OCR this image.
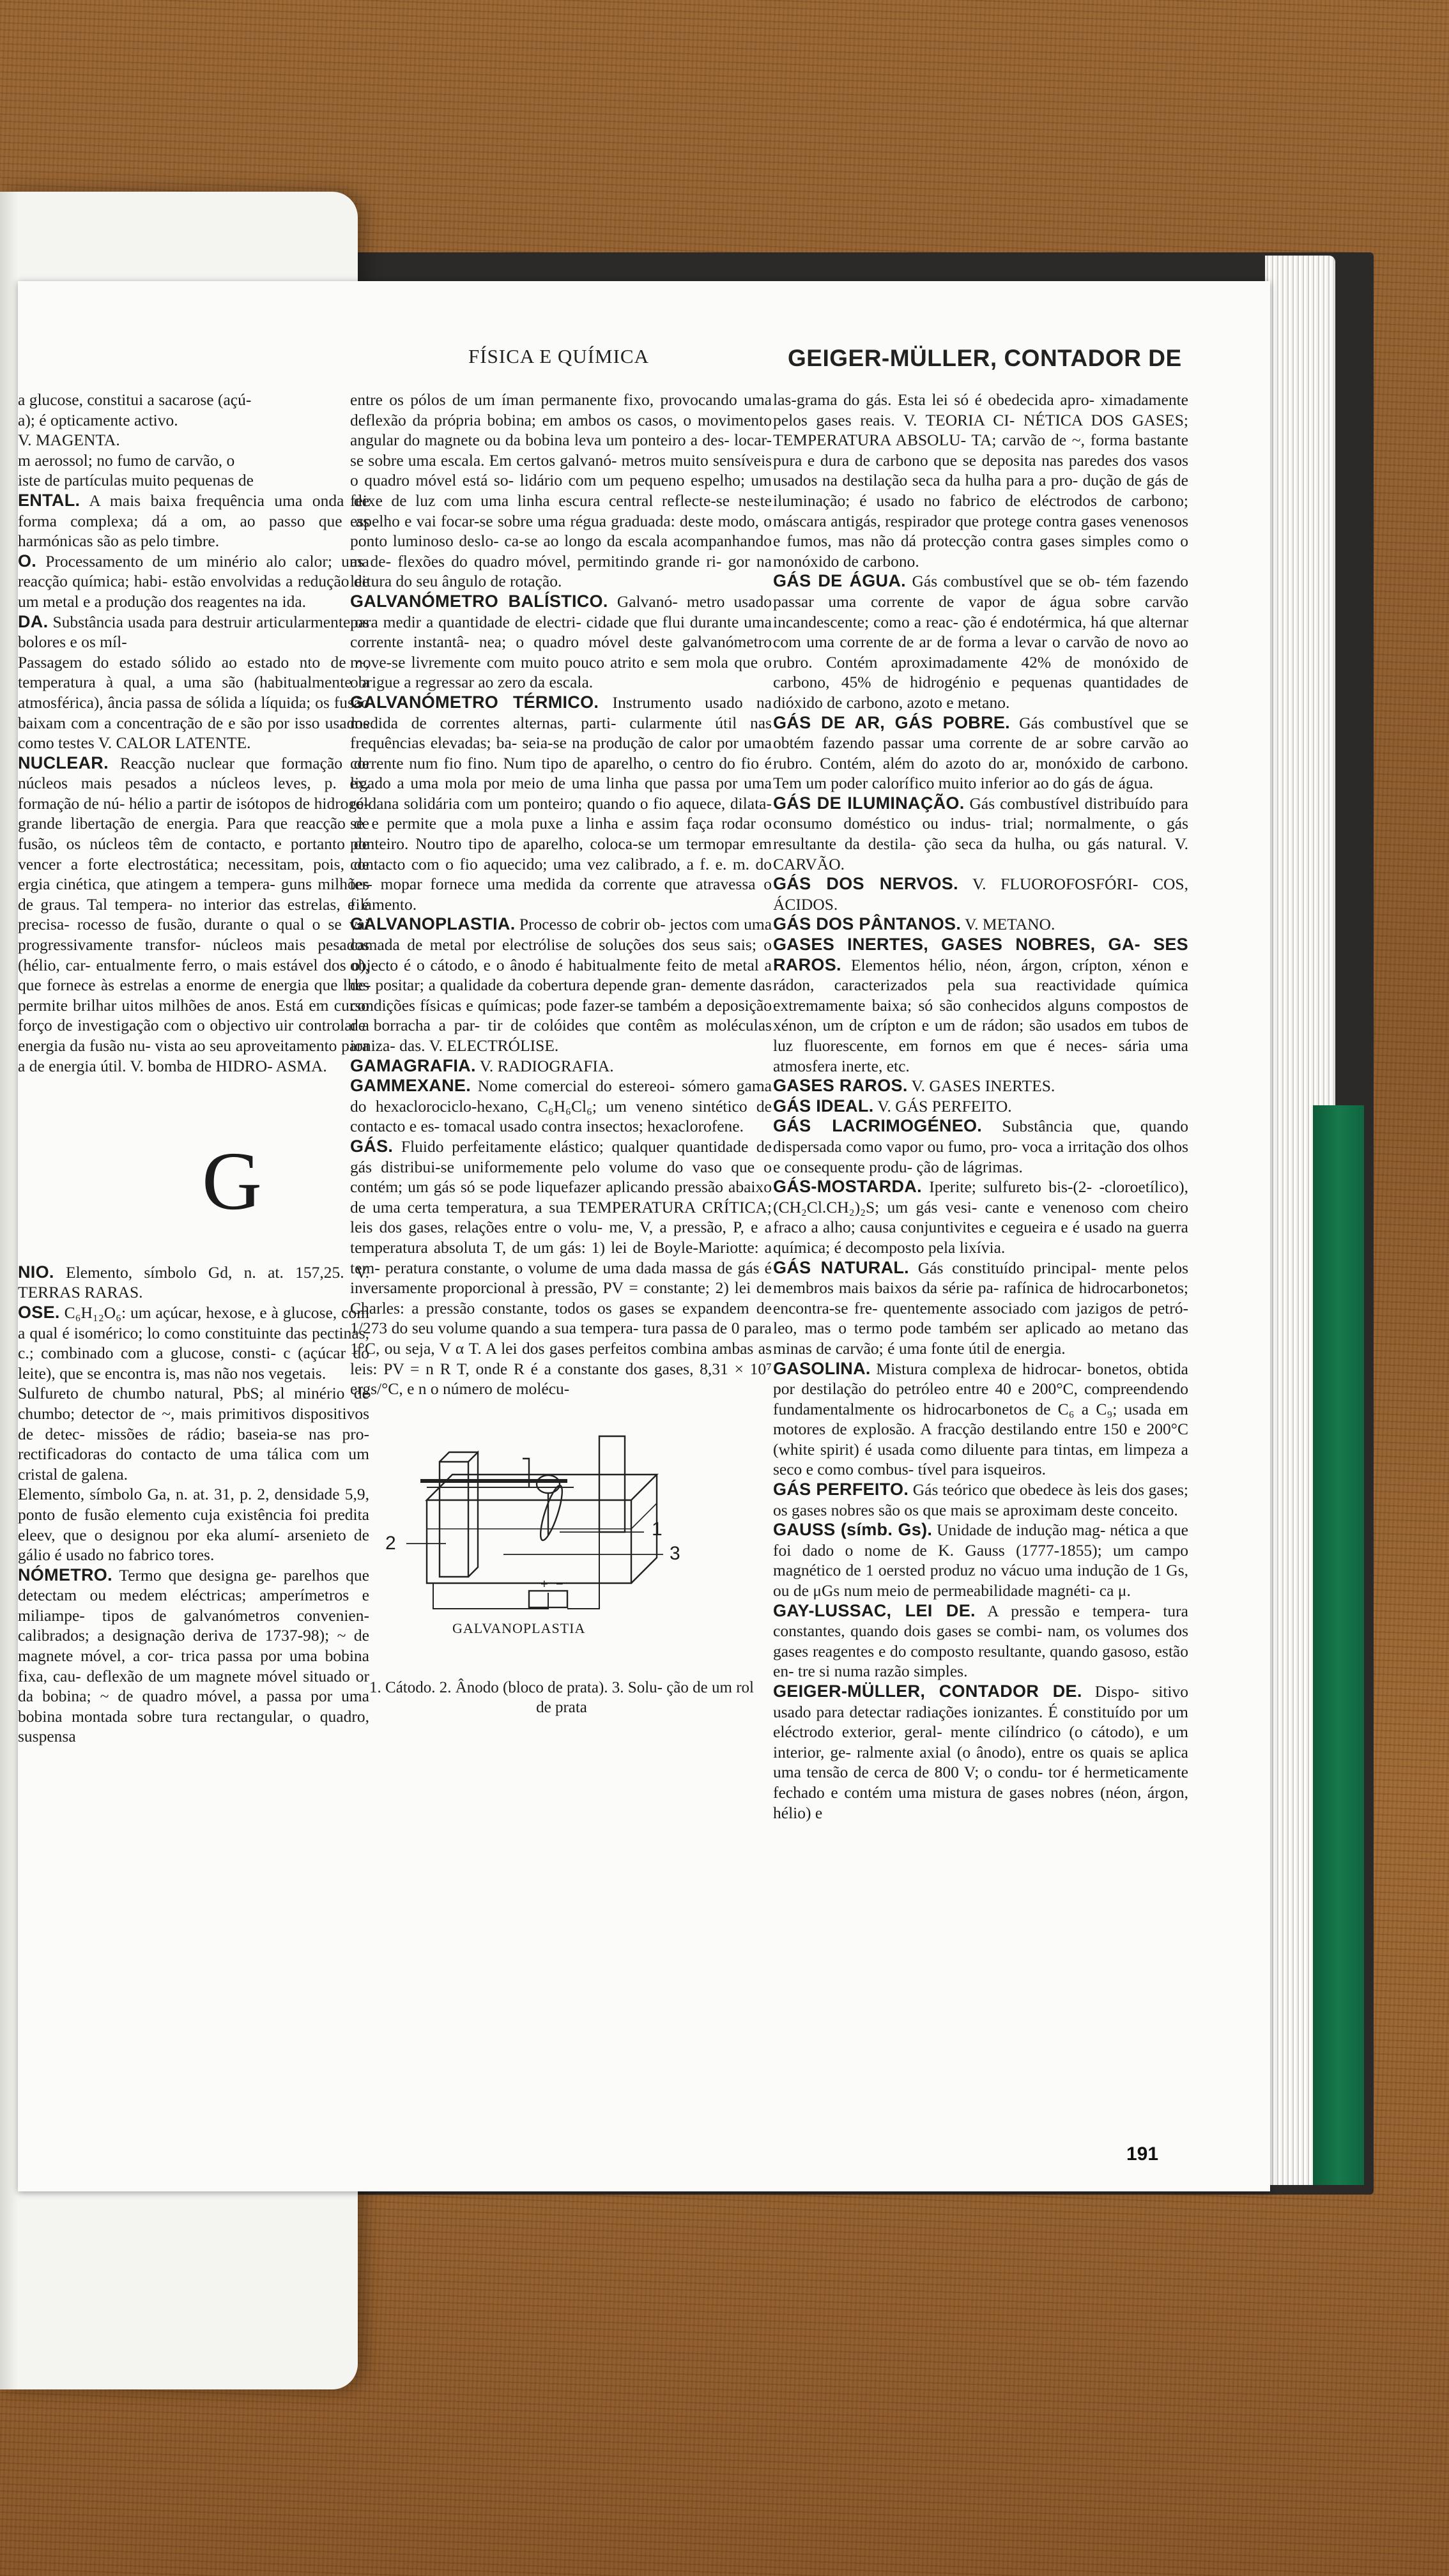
FÍSICA E QUÍMICA	GEIGER-MÜLLER, CONTADOR DE
a glucose, constitui a sacarose (açú-
a); é opticamente activo.
V. MAGENTA.
m aerossol; no fumo de carvão, o
iste de partículas muito pequenas de
ENTAL. A mais baixa frequência uma onda de forma complexa; dá a om, ao passo que as harmónicas são as pelo timbre.
O. Processamento de um minério alo calor; uma reacção química; habi- estão envolvidas a redução de um metal e a produção dos reagentes na ida.
DA. Substância usada para destruir articularmente os bolores e os míl-
Passagem do estado sólido ao estado nto de ~, temperatura à qual, a uma são (habitualmente a atmosférica), ância passa de sólida a líquida; os fusão baixam com a concentração de e são por isso usados como testes V. CALOR LATENTE.
NUCLEAR. Reacção nuclear que formação de núcleos mais pesados a núcleos leves, p. ex. formação de nú- hélio a partir de isótopos de hidrogé- grande libertação de energia. Para que reacção de fusão, os núcleos têm de contacto, e portanto de vencer a forte electrostática; necessitam, pois, de ergia cinética, que atingem a tempera- guns milhões de graus. Tal tempera- no interior das estrelas, e é precisa- rocesso de fusão, durante o qual o se vai progressivamente transfor- núcleos mais pesados (hélio, car- entualmente ferro, o mais estável dos o), que fornece às estrelas a enorme de energia que lhes permite brilhar uitos milhões de anos. Está em curso forço de investigação com o objectivo uir controlar a energia da fusão nu- vista ao seu aproveitamento para a de energia útil. V. bomba de HIDRO- ASMA.
G
NIO. Elemento, símbolo Gd, n. at. 157,25. V. TERRAS RARAS.
OSE. C₆H₁₂O₆: um açúcar, hexose, e à glucose, com a qual é isomérico; lo como constituinte das pectinas, c.; combinado com a glucose, consti- c (açúcar do leite), que se encontra is, mas não nos vegetais.
Sulfureto de chumbo natural, PbS; al minério de chumbo; detector de ~, mais primitivos dispositivos de detec- missões de rádio; baseia-se nas pro- rectificadoras do contacto de uma tálica com um cristal de galena.
Elemento, símbolo Ga, n. at. 31, p. 2, densidade 5,9, ponto de fusão elemento cuja existência foi predita eleev, que o designou por eka alumí- arsenieto de gálio é usado no fabrico tores.
NÓMETRO. Termo que designa ge- parelhos que detectam ou medem eléctricas; amperímetros e miliampe- tipos de galvanómetros convenien- calibrados; a designação deriva de 1737-98); ~ de magnete móvel, a cor- trica passa por uma bobina fixa, cau- deflexão de um magnete móvel situado or da bobina; ~ de quadro móvel, a passa por uma bobina montada sobre tura rectangular, o quadro, suspensa
entre os pólos de um íman permanente fixo, provocando uma deflexão da própria bobina; em ambos os casos, o movimento angular do magnete ou da bobina leva um ponteiro a des- locar-se sobre uma escala. Em certos galvanó- metros muito sensíveis o quadro móvel está so- lidário com um pequeno espelho; um feixe de luz com uma linha escura central reflecte-se neste espelho e vai focar-se sobre uma régua graduada: deste modo, o ponto luminoso deslo- ca-se ao longo da escala acompanhando as de- flexões do quadro móvel, permitindo grande ri- gor na leitura do seu ângulo de rotação.
GALVANÓMETRO BALÍSTICO. Galvanó- metro usado para medir a quantidade de electri- cidade que flui durante uma corrente instantâ- nea; o quadro móvel deste galvanómetro move-se livremente com muito pouco atrito e sem mola que o obrigue a regressar ao zero da escala.
GALVANÓMETRO TÉRMICO. Instrumento usado na medida de correntes alternas, parti- cularmente útil nas frequências elevadas; ba- seia-se na produção de calor por uma corrente num fio fino. Num tipo de aparelho, o centro do fio é ligado a uma mola por meio de uma linha que passa por uma roldana solidária com um ponteiro; quando o fio aquece, dilata-se e permite que a mola puxe a linha e assim faça rodar o ponteiro. Noutro tipo de aparelho, coloca-se um termopar em contacto com o fio aquecido; uma vez calibrado, a f. e. m. do ter- mopar fornece uma medida da corrente que atravessa o filamento.
GALVANOPLASTIA. Processo de cobrir ob- jectos com uma camada de metal por electrólise de soluções dos seus sais; o objecto é o cátodo, e o ânodo é habitualmente feito de metal a de- positar; a qualidade da cobertura depende gran- demente das condições físicas e químicas; pode fazer-se também a deposição de borracha a par- tir de colóides que contêm as moléculas ioniza- das. V. ELECTRÓLISE.
GAMAGRAFIA. V. RADIOGRAFIA.
GAMMEXANE. Nome comercial do estereoi- sómero gama do hexaclorociclo-hexano, C₆H₆Cl₆; um veneno sintético de contacto e es- tomacal usado contra insectos; hexaclorofene.
GÁS. Fluido perfeitamente elástico; qualquer quantidade de gás distribui-se uniformemente pelo volume do vaso que o contém; um gás só se pode liquefazer aplicando pressão abaixo de uma certa temperatura, a sua TEMPERATURA CRÍTICA; leis dos gases, relações entre o volu- me, V, a pressão, P, e a temperatura absoluta T, de um gás: 1) lei de Boyle-Mariotte: a tem- peratura constante, o volume de uma dada massa de gás é inversamente proporcional à pressão, PV = constante; 2) lei de Charles: a pressão constante, todos os gases se expandem de 1/273 do seu volume quando a sua tempera- tura passa de 0 para 1°C, ou seja, V α T. A lei dos gases perfeitos combina ambas as leis: PV = n R T, onde R é a constante dos gases, 8,31 × 10⁷ ergs/°C, e n o número de molécu-
+ −
1
2	3
GALVANOPLASTIA
1. Cátodo. 2. Ânodo (bloco de prata). 3. Solu- ção de um rol de prata
las-grama do gás. Esta lei só é obedecida apro- ximadamente pelos gases reais. V. TEORIA CI- NÉTICA DOS GASES; TEMPERATURA ABSOLU- TA; carvão de ~, forma bastante pura e dura de carbono que se deposita nas paredes dos vasos usados na destilação seca da hulha para a pro- dução de gás de iluminação; é usado no fabrico de eléctrodos de carbono; máscara antigás, respirador que protege contra gases venenosos e fumos, mas não dá protecção contra gases simples como o monóxido de carbono.
GÁS DE ÁGUA. Gás combustível que se ob- tém fazendo passar uma corrente de vapor de água sobre carvão incandescente; como a reac- ção é endotérmica, há que alternar com uma corrente de ar de forma a levar o carvão de novo ao rubro. Contém aproximadamente 42% de monóxido de carbono, 45% de hidrogénio e pequenas quantidades de dióxido de carbono, azoto e metano.
GÁS DE AR, GÁS POBRE. Gás combustível que se obtém fazendo passar uma corrente de ar sobre carvão ao rubro. Contém, além do azoto do ar, monóxido de carbono. Tem um poder calorífico muito inferior ao do gás de água.
GÁS DE ILUMINAÇÃO. Gás combustível distribuído para consumo doméstico ou indus- trial; normalmente, o gás resultante da destila- ção seca da hulha, ou gás natural. V. CARVÃO.
GÁS DOS NERVOS. V. FLUOROFOSFÓRI- COS, ÁCIDOS.
GÁS DOS PÂNTANOS. V. METANO.
GASES INERTES, GASES NOBRES, GA- SES RAROS. Elementos hélio, néon, árgon, crípton, xénon e rádon, caracterizados pela sua reactividade química extremamente baixa; só são conhecidos alguns compostos de xénon, um de crípton e um de rádon; são usados em tubos de luz fluorescente, em fornos em que é neces- sária uma atmosfera inerte, etc.
GASES RAROS. V. GASES INERTES.
GÁS IDEAL. V. GÁS PERFEITO.
GÁS LACRIMOGÉNEO. Substância que, quando dispersada como vapor ou fumo, pro- voca a irritação dos olhos e consequente produ- ção de lágrimas.
GÁS-MOSTARDA. Iperite; sulfureto bis-(2- -cloroetílico), (CH₂Cl.CH₂)₂S; um gás vesi- cante e venenoso com cheiro fraco a alho; causa conjuntivites e cegueira e é usado na guerra química; é decomposto pela lixívia.
GÁS NATURAL. Gás constituído principal- mente pelos membros mais baixos da série pa- rafínica de hidrocarbonetos; encontra-se fre- quentemente associado com jazigos de petró- leo, mas o termo pode também ser aplicado ao metano das minas de carvão; é uma fonte útil de energia.
GASOLINA. Mistura complexa de hidrocar- bonetos, obtida por destilação do petróleo entre 40 e 200°C, compreendendo fundamentalmente os hidrocarbonetos de C₆ a C₉; usada em motores de explosão. A fracção destilando entre 150 e 200°C (white spirit) é usada como diluente para tintas, em limpeza a seco e como combus- tível para isqueiros.
GÁS PERFEITO. Gás teórico que obedece às leis dos gases; os gases nobres são os que mais se aproximam deste conceito.
GAUSS (símb. Gs). Unidade de indução mag- nética a que foi dado o nome de K. Gauss (1777-1855); um campo magnético de 1 oersted produz no vácuo uma indução de 1 Gs, ou de μGs num meio de permeabilidade magnéti- ca μ.
GAY-LUSSAC, LEI DE. A pressão e tempera- tura constantes, quando dois gases se combi- nam, os volumes dos gases reagentes e do composto resultante, quando gasoso, estão en- tre si numa razão simples.
GEIGER-MÜLLER, CONTADOR DE. Dispo- sitivo usado para detectar radiações ionizantes. É constituído por um eléctrodo exterior, geral- mente cilíndrico (o cátodo), e um interior, ge- ralmente axial (o ânodo), entre os quais se aplica uma tensão de cerca de 800 V; o condu- tor é hermeticamente fechado e contém uma mistura de gases nobres (néon, árgon, hélio) e
191
